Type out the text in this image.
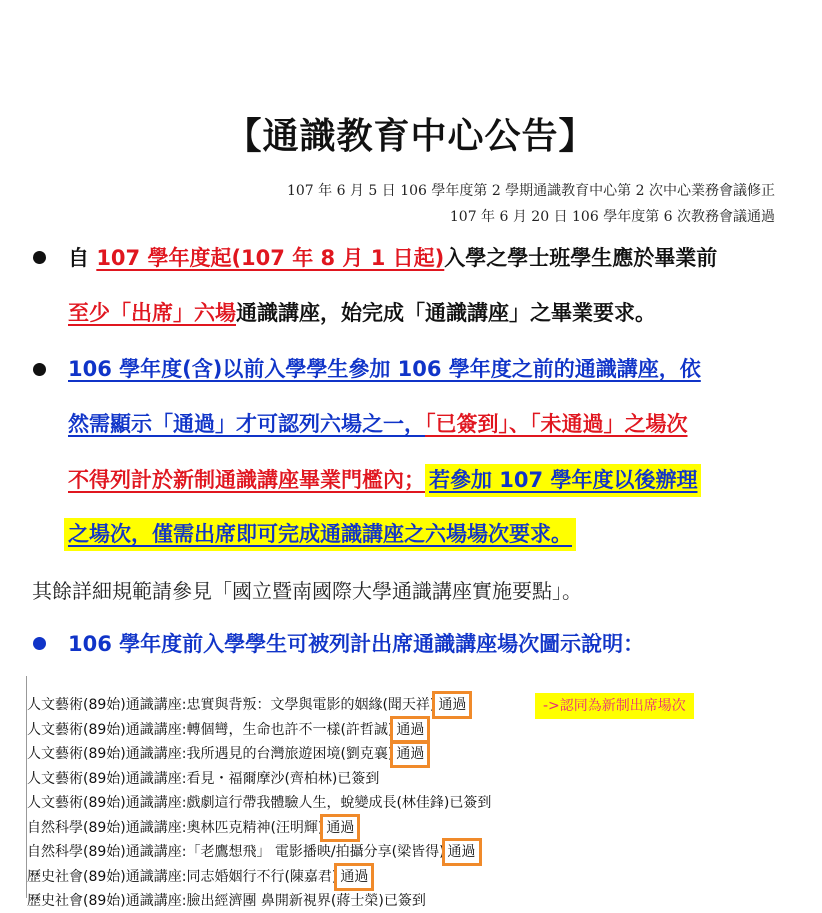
【通識教育中心公告】
107 年 6 月 5 日 106 學年度第 2 學期通識教育中心第 2 次中心業務會議修正
107 年 6 月 20 日 106 學年度第 6 次教務會議通過
自 107 學年度起(107 年 8 月 1 日起)入學之學士班學生應於畢業前
至少「出席」六場通識講座，始完成「通識講座」之畢業要求。
106 學年度(含)以前入學學生參加 106 學年度之前的通識講座，依
然需顯示「通過」才可認列六場之一，「已簽到」、「未通過」之場次
不得列計於新制通識講座畢業門檻內； 若參加 107 學年度以後辦理
之場次，僅需出席即可完成通識講座之六場場次要求。
其餘詳細規範請參見「國立暨南國際大學通識講座實施要點」。
106 學年度前入學學生可被列計出席通識講座場次圖示說明：
->認同為新制出席場次
人文藝術(89始)通識講座:忠實與背叛：文學與電影的姻緣(聞天祥) 通過
人文藝術(89始)通識講座:轉個彎，生命也許不一樣(許哲誠) 通過
人文藝術(89始)通識講座:我所遇見的台灣旅遊困境(劉克襄) 通過
人文藝術(89始)通識講座:看見・福爾摩沙(齊柏林)已簽到
人文藝術(89始)通識講座:戲劇這行帶我體驗人生，蛻變成長(林佳鋒)已簽到
自然科學(89始)通識講座:奧林匹克精神(汪明輝) 通過
自然科學(89始)通識講座:「老鷹想飛」 電影播映/拍攝分享(梁皆得) 通過
歷史社會(89始)通識講座:同志婚姻行不行(陳嘉君) 通過
歷史社會(89始)通識講座:臉出經濟團 鼻開新視界(蔣士榮)已簽到
